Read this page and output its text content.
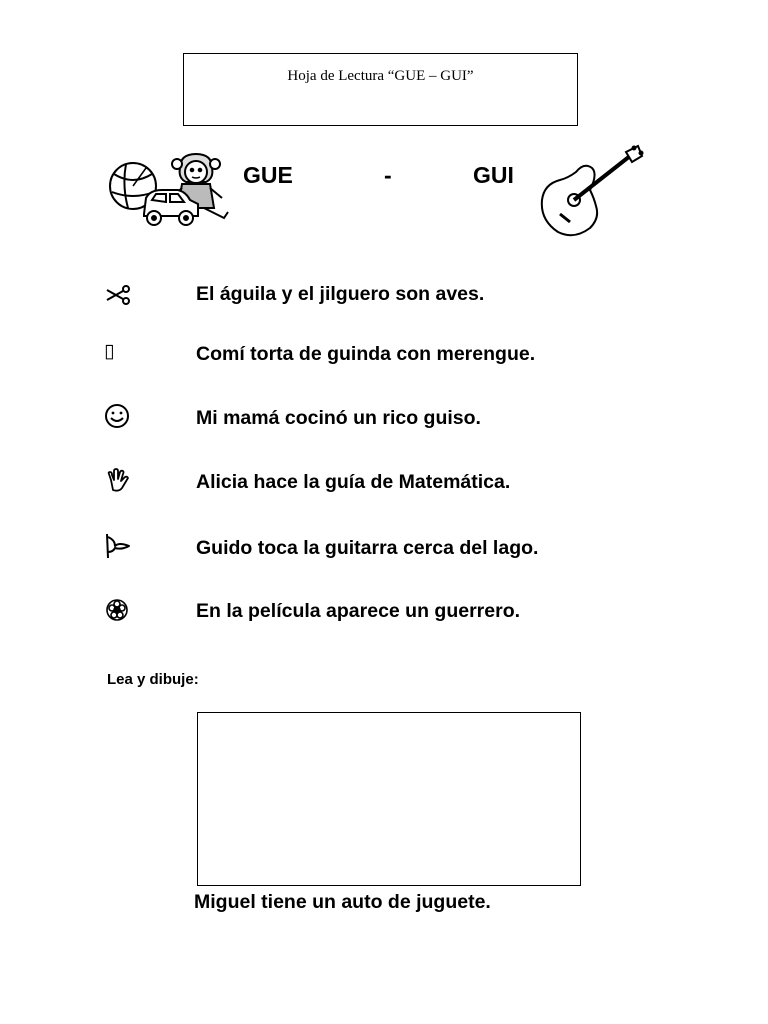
Hoja de Lectura “GUE – GUI”
GUE	-	GUI
El águila y el jilguero son aves.
▯	Comí torta de guinda con merengue.
Mi mamá cocinó un rico guiso.
Alicia hace la guía de Matemática.
Guido toca la guitarra cerca del lago.
En la película aparece un guerrero.
Lea y dibuje:
Miguel tiene un auto de juguete.
